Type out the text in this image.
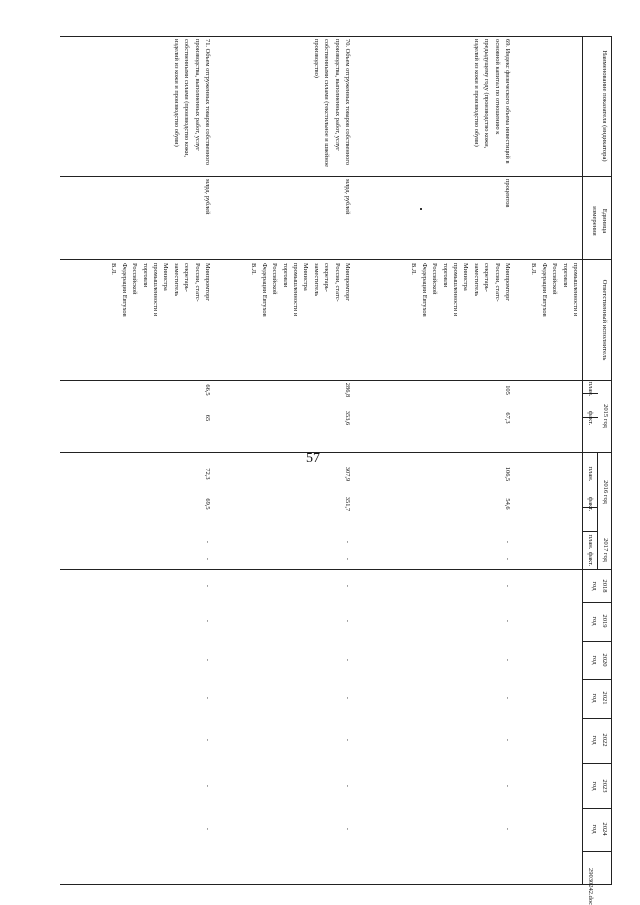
57
29030242.doc
Наименование показателя (индикатора)
Единица измерения
Ответственный исполнитель
2015 год
план.
факт.
2016 год
план.
факт.
2017 год
план.
факт.
2018 год
2019 год
2020 год
2021 год
2022 год
2023 год
2024 год
промышленности и торговли Российской Федерации Евтухов В.Л.
69. Индекс физического объема инвестиций в основной капитал по отношению к предыдущему году (производство кожи, изделий из кожи и производство обуви)
процентов
Минпромторг России, статс-секретарь-заместитель Министра промышленности и торговли Российской Федерации Евтухов В.Л.
105
67,3
106,5
54,6
-
-
-
-
-
-
-
-
-
70. Объем отгруженных товаров собственного производства, выполненных работ, услуг собственными силами (текстильное и швейное производство)
млрд. рублей
Минпромторг России, статс-секретарь-заместитель Министра промышленности и торговли Российской Федерации Евтухов В.Л.
286,8
353,6
307,9
351,7
-
-
-
-
-
-
-
-
-
71. Объем отгруженных товаров собственного производства, выполненных работ, услуг собственными силами (производство кожи, изделий из кожи и производство обуви)
млрд. рублей
Минпромторг России, статс-секретарь-заместитель Министра промышленности и торговли Российской Федерации Евтухов В.Л.
66,5
65
72,3
69,5
-
-
-
-
-
-
-
-
-
